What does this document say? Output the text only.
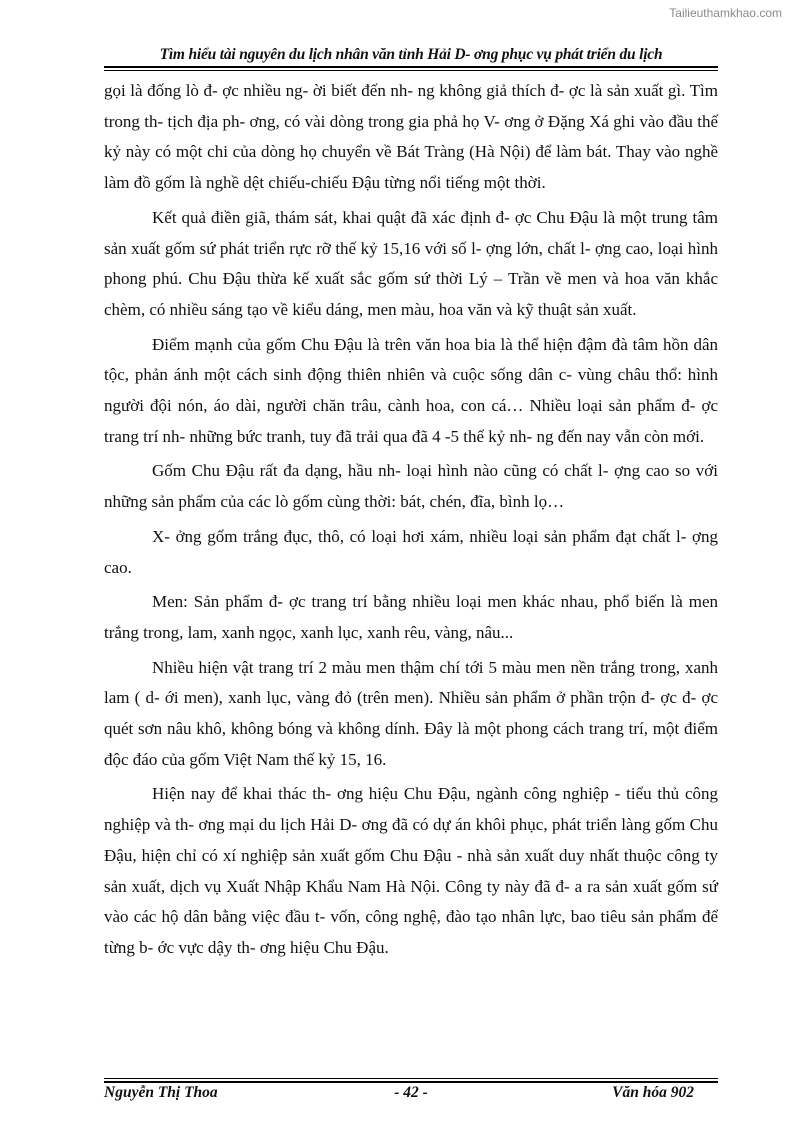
Tailieuthamkhao.com
Tìm hiểu tài nguyên du lịch nhân văn tỉnh Hải D- ơng phục vụ phát triển du lịch

gọi là đống lò đ- ợc nhiều ng- ời biết đến nh- ng không giả thích đ- ợc là sản xuất gì. Tìm trong th- tịch địa ph- ơng, có vài dòng trong gia phả họ V- ơng ở Đặng Xá ghi vào đầu thế kỷ này có một chi của dòng họ chuyển về Bát Tràng (Hà Nội) để làm bát. Thay vào nghề làm đồ gốm là nghề dệt chiếu-chiếu Đậu từng nổi tiếng một thời.

Kết quả điền giã, thám sát, khai quật đã xác định đ- ợc Chu Đậu là một trung tâm sản xuất gốm sứ phát triển rực rỡ thế kỷ 15,16 với số l- ợng lớn, chất l- ợng cao, loại hình phong phú. Chu Đậu thừa kế xuất sắc gốm sứ thời Lý – Trần về men và hoa văn khắc chèm, có nhiều sáng tạo về kiểu dáng, men màu, hoa văn và kỹ thuật sản xuất.

Điểm mạnh của gốm Chu Đậu là trên văn hoa bia là thể hiện đậm đà tâm hồn dân tộc, phản ánh một cách sinh động thiên nhiên và cuộc sống dân c- vùng châu thổ: hình người đội nón, áo dài, người chăn trâu, cành hoa, con cá… Nhiều loại sản phẩm đ- ợc trang trí nh- những bức tranh, tuy đã trải qua đã 4 -5 thế kỷ nh- ng đến nay vẫn còn mới.

Gốm Chu Đậu rất đa dạng, hầu nh- loại hình nào cũng có chất l- ợng cao so với những sản phẩm của các lò gốm cùng thời: bát, chén, đĩa, bình lọ…

X- ởng gốm trắng đục, thô, có loại hơi xám, nhiều loại sản phẩm đạt chất l- ợng cao.

Men: Sản phẩm đ- ợc trang trí bằng nhiều loại men khác nhau, phổ biến là men trắng trong, lam, xanh ngọc, xanh lục, xanh rêu, vàng, nâu...

Nhiều hiện vật trang trí 2 màu men thậm chí tới 5 màu men nền trắng trong, xanh lam ( d- ới men), xanh lục, vàng đỏ (trên men). Nhiều sản phẩm ở phần trộn đ- ợc đ- ợc quét sơn nâu khô, không bóng và không dính. Đây là một phong cách trang trí, một điểm độc đáo của gốm Việt Nam thế kỷ 15, 16.

Hiện nay để khai thác th- ơng hiệu Chu Đậu, ngành công nghiệp - tiểu thủ công nghiệp và th- ơng mại du lịch Hải D- ơng đã có dự án khôi phục, phát triển làng gốm Chu Đậu, hiện chỉ có xí nghiệp sản xuất gốm Chu Đậu - nhà sản xuất duy nhất thuộc công ty sản xuất, dịch vụ Xuất Nhập Khẩu Nam Hà Nội. Công ty này đã đ- a ra sản xuất gốm sứ vào các hộ dân bằng việc đầu t- vốn, công nghệ, đào tạo nhân lực, bao tiêu sản phẩm để từng b- ớc vực dậy th- ơng hiệu Chu Đậu.

Nguyễn Thị Thoa	- 42 -	Văn hóa 902
